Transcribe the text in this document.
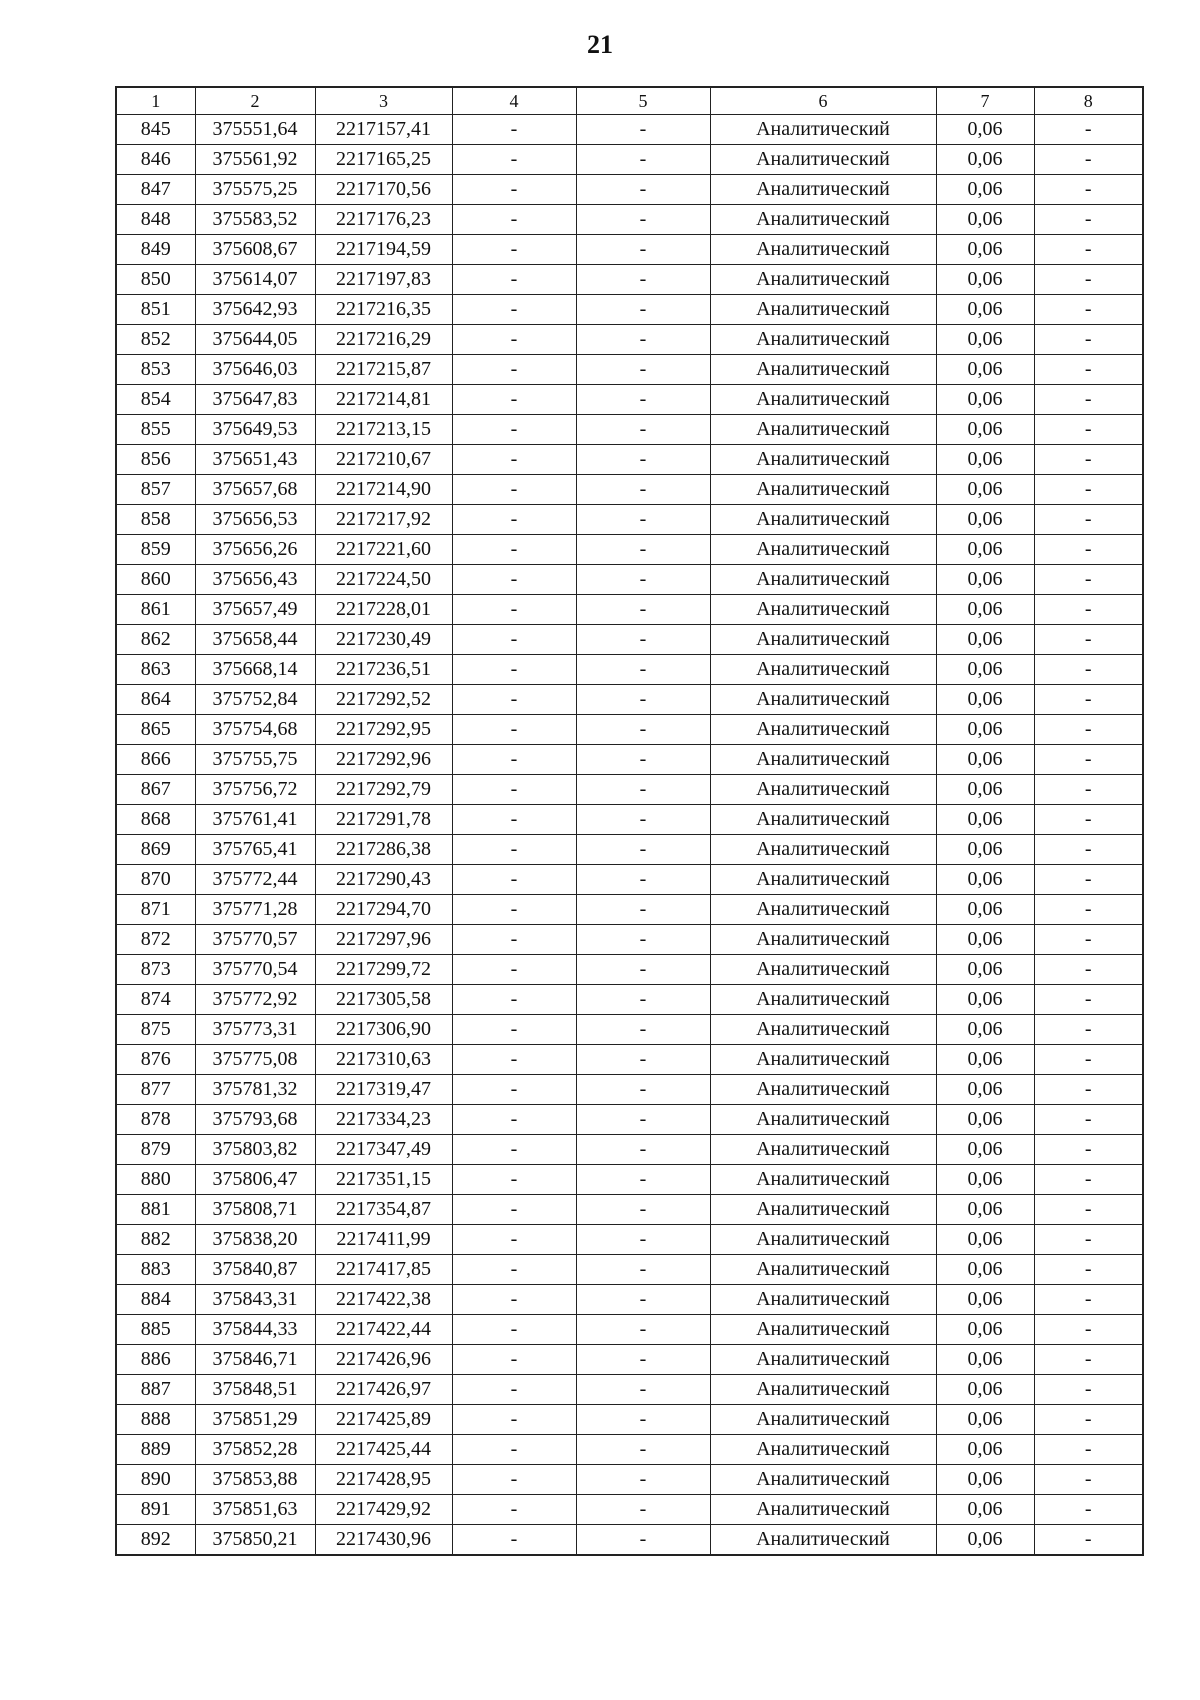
21
1	2	3	4	5	6	7	8
845	375551,64	2217157,41	-	-	Аналитический	0,06	-
846	375561,92	2217165,25	-	-	Аналитический	0,06	-
847	375575,25	2217170,56	-	-	Аналитический	0,06	-
848	375583,52	2217176,23	-	-	Аналитический	0,06	-
849	375608,67	2217194,59	-	-	Аналитический	0,06	-
850	375614,07	2217197,83	-	-	Аналитический	0,06	-
851	375642,93	2217216,35	-	-	Аналитический	0,06	-
852	375644,05	2217216,29	-	-	Аналитический	0,06	-
853	375646,03	2217215,87	-	-	Аналитический	0,06	-
854	375647,83	2217214,81	-	-	Аналитический	0,06	-
855	375649,53	2217213,15	-	-	Аналитический	0,06	-
856	375651,43	2217210,67	-	-	Аналитический	0,06	-
857	375657,68	2217214,90	-	-	Аналитический	0,06	-
858	375656,53	2217217,92	-	-	Аналитический	0,06	-
859	375656,26	2217221,60	-	-	Аналитический	0,06	-
860	375656,43	2217224,50	-	-	Аналитический	0,06	-
861	375657,49	2217228,01	-	-	Аналитический	0,06	-
862	375658,44	2217230,49	-	-	Аналитический	0,06	-
863	375668,14	2217236,51	-	-	Аналитический	0,06	-
864	375752,84	2217292,52	-	-	Аналитический	0,06	-
865	375754,68	2217292,95	-	-	Аналитический	0,06	-
866	375755,75	2217292,96	-	-	Аналитический	0,06	-
867	375756,72	2217292,79	-	-	Аналитический	0,06	-
868	375761,41	2217291,78	-	-	Аналитический	0,06	-
869	375765,41	2217286,38	-	-	Аналитический	0,06	-
870	375772,44	2217290,43	-	-	Аналитический	0,06	-
871	375771,28	2217294,70	-	-	Аналитический	0,06	-
872	375770,57	2217297,96	-	-	Аналитический	0,06	-
873	375770,54	2217299,72	-	-	Аналитический	0,06	-
874	375772,92	2217305,58	-	-	Аналитический	0,06	-
875	375773,31	2217306,90	-	-	Аналитический	0,06	-
876	375775,08	2217310,63	-	-	Аналитический	0,06	-
877	375781,32	2217319,47	-	-	Аналитический	0,06	-
878	375793,68	2217334,23	-	-	Аналитический	0,06	-
879	375803,82	2217347,49	-	-	Аналитический	0,06	-
880	375806,47	2217351,15	-	-	Аналитический	0,06	-
881	375808,71	2217354,87	-	-	Аналитический	0,06	-
882	375838,20	2217411,99	-	-	Аналитический	0,06	-
883	375840,87	2217417,85	-	-	Аналитический	0,06	-
884	375843,31	2217422,38	-	-	Аналитический	0,06	-
885	375844,33	2217422,44	-	-	Аналитический	0,06	-
886	375846,71	2217426,96	-	-	Аналитический	0,06	-
887	375848,51	2217426,97	-	-	Аналитический	0,06	-
888	375851,29	2217425,89	-	-	Аналитический	0,06	-
889	375852,28	2217425,44	-	-	Аналитический	0,06	-
890	375853,88	2217428,95	-	-	Аналитический	0,06	-
891	375851,63	2217429,92	-	-	Аналитический	0,06	-
892	375850,21	2217430,96	-	-	Аналитический	0,06	-
